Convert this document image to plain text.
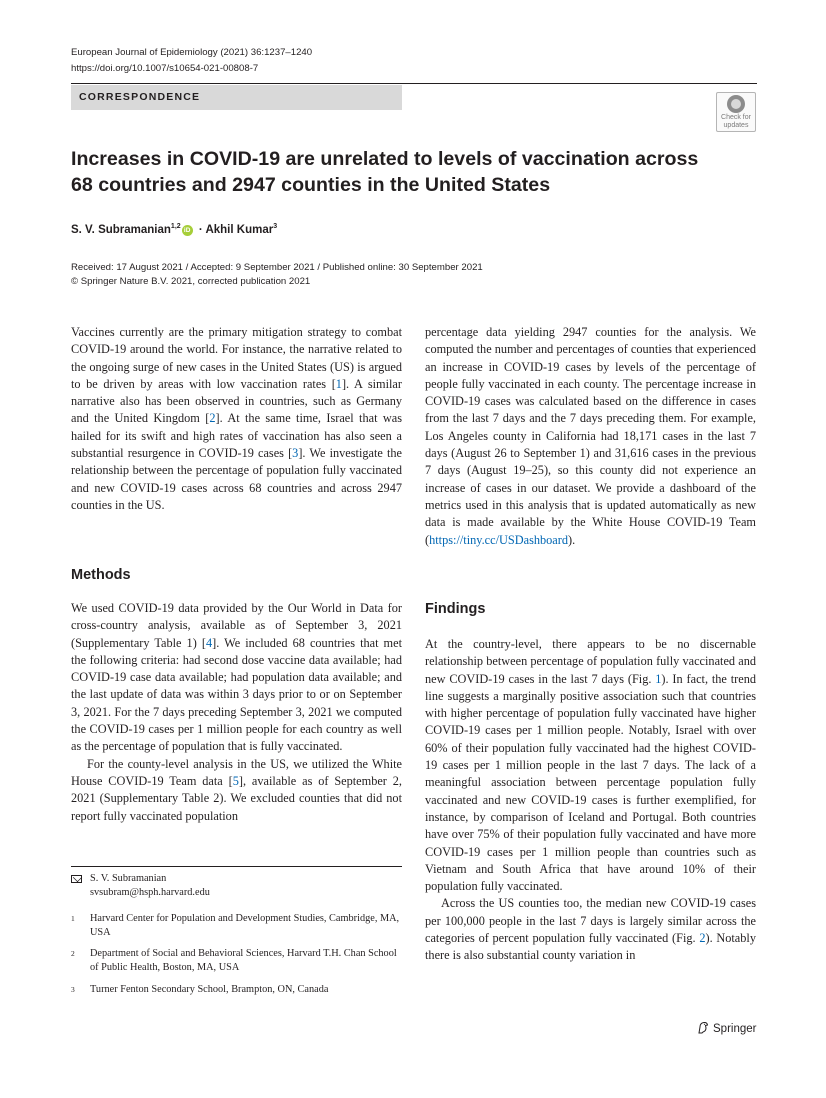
European Journal of Epidemiology (2021) 36:1237–1240
https://doi.org/10.1007/s10654-021-00808-7
CORRESPONDENCE
Check for updates
Increases in COVID-19 are unrelated to levels of vaccination across 68 countries and 2947 counties in the United States
S. V. Subramanian$^{1,2}$iD · Akhil Kumar$^3$
Received: 17 August 2021 / Accepted: 9 September 2021 / Published online: 30 September 2021
© Springer Nature B.V. 2021, corrected publication 2021

Vaccines currently are the primary mitigation strategy to combat COVID-19 around the world. For instance, the narrative related to the ongoing surge of new cases in the United States (US) is argued to be driven by areas with low vaccination rates [1]. A similar narrative also has been observed in countries, such as Germany and the United Kingdom [2]. At the same time, Israel that was hailed for its swift and high rates of vaccination has also seen a substantial resurgence in COVID-19 cases [3]. We investigate the relationship between the percentage of population fully vaccinated and new COVID-19 cases across 68 countries and across 2947 counties in the US.

Methods

We used COVID-19 data provided by the Our World in Data for cross-country analysis, available as of September 3, 2021 (Supplementary Table 1) [4]. We included 68 countries that met the following criteria: had second dose vaccine data available; had COVID-19 case data available; had population data available; and the last update of data was within 3 days prior to or on September 3, 2021. For the 7 days preceding September 3, 2021 we computed the COVID-19 cases per 1 million people for each country as well as the percentage of population that is fully vaccinated.

For the county-level analysis in the US, we utilized the White House COVID-19 Team data [5], available as of September 2, 2021 (Supplementary Table 2). We excluded counties that did not report fully vaccinated population

S. V. Subramanian
svsubram@hsph.harvard.edu
1 Harvard Center for Population and Development Studies, Cambridge, MA, USA
2 Department of Social and Behavioral Sciences, Harvard T.H. Chan School of Public Health, Boston, MA, USA
3 Turner Fenton Secondary School, Brampton, ON, Canada

percentage data yielding 2947 counties for the analysis. We computed the number and percentages of counties that experienced an increase in COVID-19 cases by levels of the percentage of people fully vaccinated in each county. The percentage increase in COVID-19 cases was calculated based on the difference in cases from the last 7 days and the 7 days preceding them. For example, Los Angeles county in California had 18,171 cases in the last 7 days (August 26 to September 1) and 31,616 cases in the previous 7 days (August 19–25), so this county did not experience an increase of cases in our dataset. We provide a dashboard of the metrics used in this analysis that is updated automatically as new data is made available by the White House COVID-19 Team (https://tiny.cc/USDashboard).

Findings

At the country-level, there appears to be no discernable relationship between percentage of population fully vaccinated and new COVID-19 cases in the last 7 days (Fig. 1). In fact, the trend line suggests a marginally positive association such that countries with higher percentage of population fully vaccinated have higher COVID-19 cases per 1 million people. Notably, Israel with over 60% of their population fully vaccinated had the highest COVID-19 cases per 1 million people in the last 7 days. The lack of a meaningful association between percentage population fully vaccinated and new COVID-19 cases is further exemplified, for instance, by comparison of Iceland and Portugal. Both countries have over 75% of their population fully vaccinated and have more COVID-19 cases per 1 million people than countries such as Vietnam and South Africa that have around 10% of their population fully vaccinated.

Across the US counties too, the median new COVID-19 cases per 100,000 people in the last 7 days is largely similar across the categories of percent population fully vaccinated (Fig. 2). Notably there is also substantial county variation in

Springer
